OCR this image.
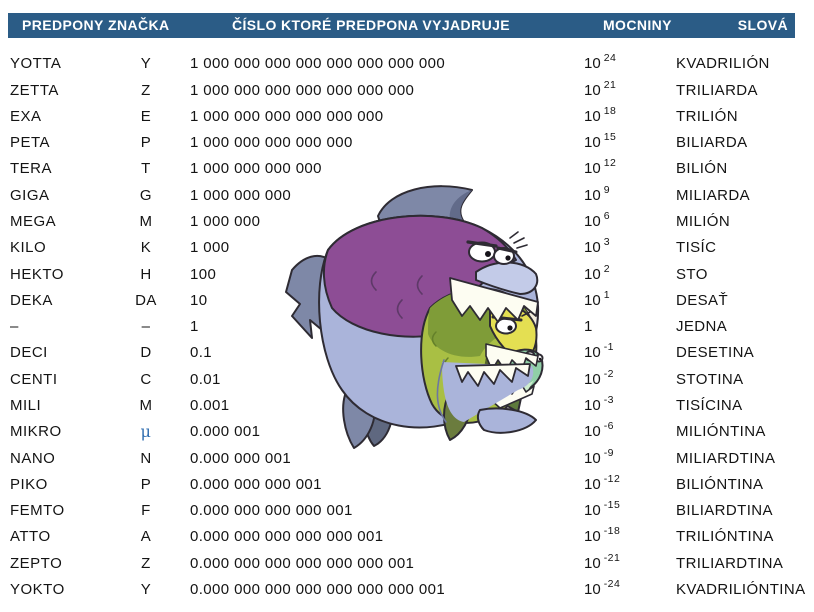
PREDPONY ZNAČKA	ČÍSLO KTORÉ PREDPONA VYJADRUJE	MOCNINY	SLOVÁ
YOTTA	Y	1 000 000 000 000 000 000 000 000	10 24	KVADRILIÓN
ZETTA	Z	1 000 000 000 000 000 000 000	10 21	TRILIARDA
EXA	E	1 000 000 000 000 000 000	10 18	TRILIÓN
PETA	P	1 000 000 000 000 000	10 15	BILIARDA
TERA	T	1 000 000 000 000	10 12	BILIÓN
GIGA	G	1 000 000 000	10 9	MILIARDA
MEGA	M	1 000 000	10 6	MILIÓN
KILO	K	1 000	10 3	TISÍC
HEKTO	H	100	10 2	STO
DEKA	DA	10	10 1	DESAŤ
–	–	1	1	JEDNA
DECI	D	0.1	10 -1	DESETINA
CENTI	C	0.01	10 -2	STOTINA
MILI	M	0.001	10 -3	TISÍCINA
MIKRO	μ	0.000 001	10 -6	MILIÓNTINA
NANO	N	0.000 000 001	10 -9	MILIARDTINA
PIKO	P	0.000 000 000 001	10 -12	BILIÓNTINA
FEMTO	F	0.000 000 000 000 001	10 -15	BILIARDTINA
ATTO	A	0.000 000 000 000 000 001	10 -18	TRILIÓNTINA
ZEPTO	Z	0.000 000 000 000 000 000 001	10 -21	TRILIARDTINA
YOKTO	Y	0.000 000 000 000 000 000 000 001	10 -24	KVADRILIÓNTINA
